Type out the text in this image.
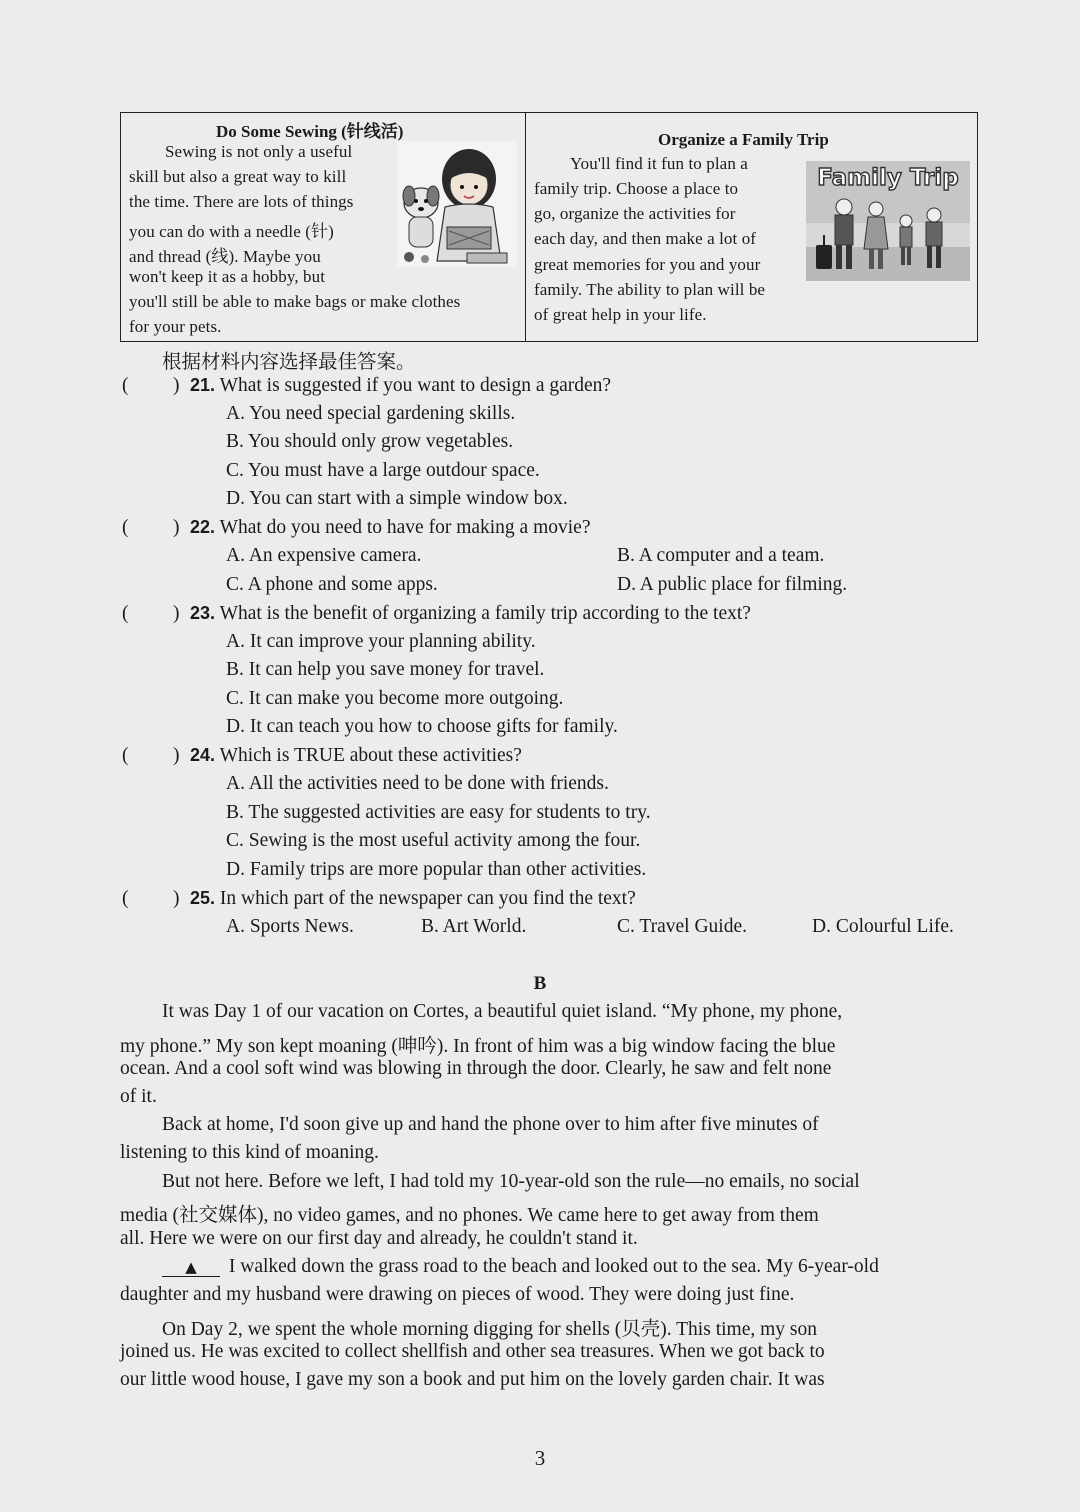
Do Some Sewing (针线活)
Sewing is not only a useful
skill but also a great way to kill
the time. There are lots of things
you can do with a needle (针)
and thread (线). Maybe you
won't keep it as a hobby, but
you'll still be able to make bags or make clothes
for your pets.
Organize a Family Trip
You'll find it fun to plan a
family trip. Choose a place to
go, organize the activities for
each day, and then make a lot of
great memories for you and your
family. The ability to plan will be
of great help in your life.
Family Trip
根据材料内容选择最佳答案。
( ) 21. What is suggested if you want to design a garden?
A. You need special gardening skills.
B. You should only grow vegetables.
C. You must have a large outdour space.
D. You can start with a simple window box.
( ) 22. What do you need to have for making a movie?
A. An expensive camera.	B. A computer and a team.
C. A phone and some apps.	D. A public place for filming.
( ) 23. What is the benefit of organizing a family trip according to the text?
A. It can improve your planning ability.
B. It can help you save money for travel.
C. It can make you become more outgoing.
D. It can teach you how to choose gifts for family.
( ) 24. Which is TRUE about these activities?
A. All the activities need to be done with friends.
B. The suggested activities are easy for students to try.
C. Sewing is the most useful activity among the four.
D. Family trips are more popular than other activities.
( ) 25. In which part of the newspaper can you find the text?
A. Sports News.	B. Art World.	C. Travel Guide.	D. Colourful Life.
B
It was Day 1 of our vacation on Cortes, a beautiful quiet island. “My phone, my phone,
my phone.” My son kept moaning (呻吟). In front of him was a big window facing the blue
ocean. And a cool soft wind was blowing in through the door. Clearly, he saw and felt none
of it.
Back at home, I'd soon give up and hand the phone over to him after five minutes of
listening to this kind of moaning.
But not here. Before we left, I had told my 10-year-old son the rule—no emails, no social
media (社交媒体), no video games, and no phones. We came here to get away from them
all. Here we were on our first day and already, he couldn't stand it.
▲ I walked down the grass road to the beach and looked out to the sea. My 6-year-old
daughter and my husband were drawing on pieces of wood. They were doing just fine.
On Day 2, we spent the whole morning digging for shells (贝壳). This time, my son
joined us. He was excited to collect shellfish and other sea treasures. When we got back to
our little wood house, I gave my son a book and put him on the lovely garden chair. It was
3
